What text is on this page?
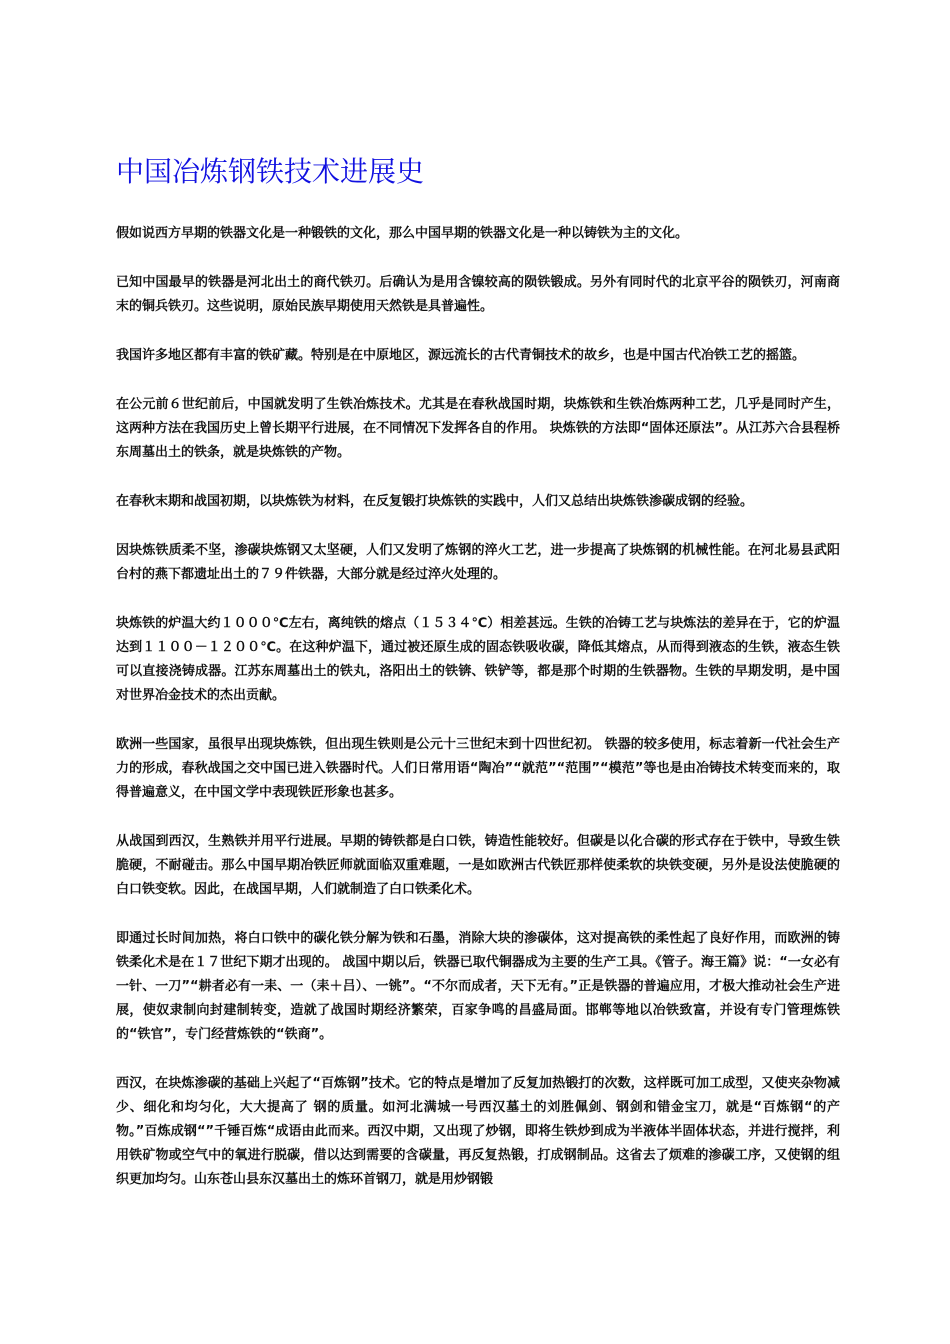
中国冶炼钢铁技术进展史

假如说西方早期的铁器文化是一种锻铁的文化，那么中国早期的铁器文化是一种以铸铁为主的文化。

已知中国最早的铁器是河北出土的商代铁刃。后确认为是用含镍较高的陨铁锻成。另外有同时代的北京平谷的陨铁刃，河南商末的铜兵铁刃。这些说明，原始民族早期使用天然铁是具普遍性。

我国许多地区都有丰富的铁矿藏。特别是在中原地区，源远流长的古代青铜技术的故乡，也是中国古代冶铁工艺的摇篮。

在公元前６世纪前后，中国就发明了生铁冶炼技术。尤其是在春秋战国时期，块炼铁和生铁冶炼两种工艺，几乎是同时产生，这两种方法在我国历史上曾长期平行进展，在不同情况下发挥各自的作用。 块炼铁的方法即“固体还原法”。从江苏六合县程桥东周墓出土的铁条，就是块炼铁的产物。

在春秋末期和战国初期，以块炼铁为材料，在反复锻打块炼铁的实践中，人们又总结出块炼铁渗碳成钢的经验。

因块炼铁质柔不坚，渗碳块炼钢又太坚硬，人们又发明了炼钢的淬火工艺，进一步提高了块炼钢的机械性能。在河北易县武阳台村的燕下都遗址出土的７９件铁器，大部分就是经过淬火处理的。

块炼铁的炉温大约１０００℃左右，离纯铁的熔点（１５３４℃）相差甚远。生铁的冶铸工艺与块炼法的差异在于，它的炉温达到１１００－１２００℃。在这种炉温下，通过被还原生成的固态铁吸收碳，降低其熔点，从而得到液态的生铁，液态生铁可以直接浇铸成器。江苏东周墓出土的铁丸，洛阳出土的铁锛、铁铲等，都是那个时期的生铁器物。生铁的早期发明，是中国对世界冶金技术的杰出贡献。

欧洲一些国家，虽很早出现块炼铁，但出现生铁则是公元十三世纪末到十四世纪初。 铁器的较多使用，标志着新一代社会生产力的形成，春秋战国之交中国已进入铁器时代。人们日常用语“陶冶”“就范”“范围”“模范”等也是由冶铸技术转变而来的，取得普遍意义，在中国文学中表现铁匠形象也甚多。

从战国到西汉，生熟铁并用平行进展。早期的铸铁都是白口铁，铸造性能较好。但碳是以化合碳的形式存在于铁中，导致生铁脆硬，不耐碰击。那么中国早期冶铁匠师就面临双重难题，一是如欧洲古代铁匠那样使柔软的块铁变硬，另外是设法使脆硬的白口铁变软。因此，在战国早期，人们就制造了白口铁柔化术。

即通过长时间加热，将白口铁中的碳化铁分解为铁和石墨，消除大块的渗碳体，这对提高铁的柔性起了良好作用，而欧洲的铸铁柔化术是在１７世纪下期才出现的。 战国中期以后，铁器已取代铜器成为主要的生产工具。《管子。海王篇》说：“一女必有一针、一刀”“耕者必有一耒、一（耒＋吕）、一铫”。“不尔而成者，天下无有。”正是铁器的普遍应用，才极大推动社会生产进展，使奴隶制向封建制转变，造就了战国时期经济繁荣，百家争鸣的昌盛局面。邯郸等地以冶铁致富，并设有专门管理炼铁的“铁官”，专门经营炼铁的“铁商”。

西汉，在块炼渗碳的基础上兴起了“百炼钢”技术。它的特点是增加了反复加热锻打的次数，这样既可加工成型，又使夹杂物减少、细化和均匀化，大大提高了 钢的质量。如河北满城一号西汉墓土的刘胜佩剑、钢剑和错金宝刀，就是“百炼钢“的产物。”百炼成钢“”千锤百炼“成语由此而来。西汉中期，又出现了炒钢，即将生铁炒到成为半液体半固体状态，并进行搅拌，利用铁矿物或空气中的氧进行脱碳，借以达到需要的含碳量，再反复热锻，打成钢制品。这省去了烦难的渗碳工序，又使钢的组织更加均匀。山东苍山县东汉墓出土的炼环首钢刀，就是用炒钢锻
